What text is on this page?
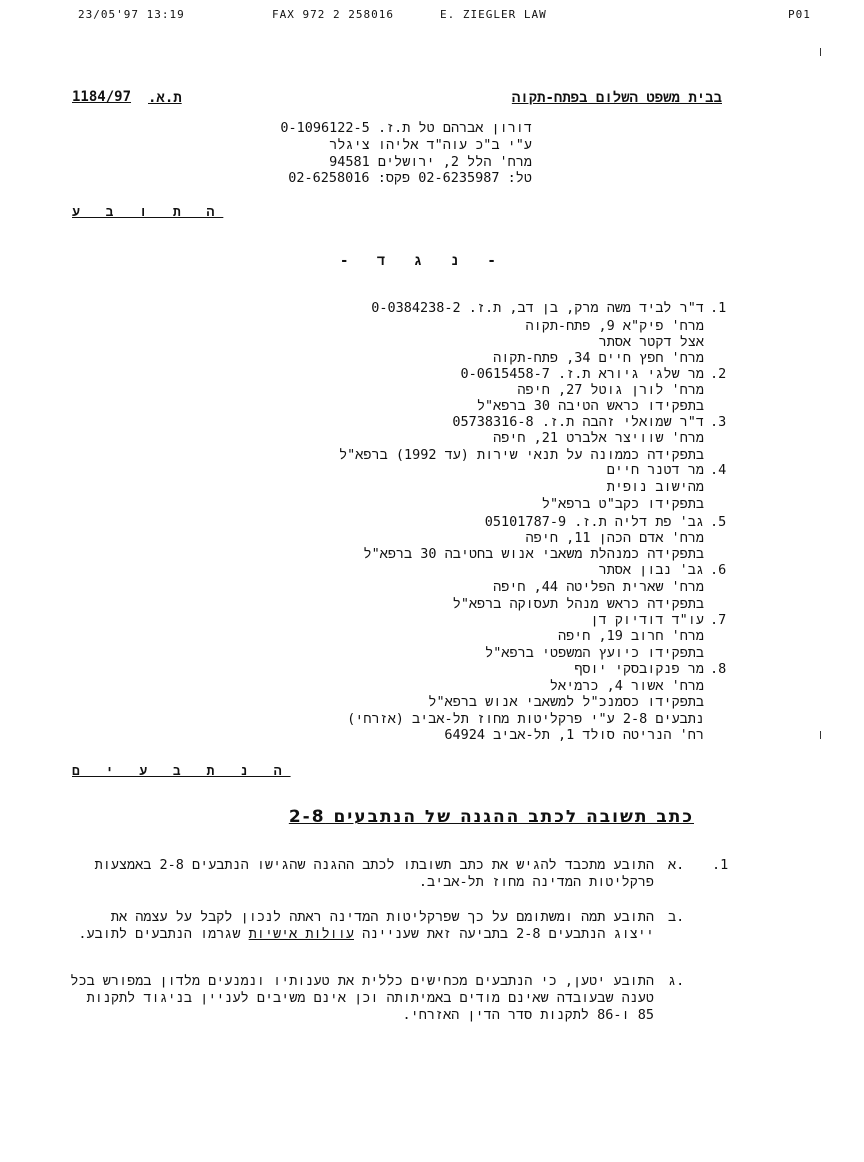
23/05'97 13:19	FAX 972 2 258016	E. ZIEGLER LAW	P01
1184/97 ת.א.	בבית משפט השלום בפתח-תקוה
דורון אברהם טל ת.ז. 0-1096122-5
ע"י ב"כ עוה"ד אליהו ציגלר
מרח' הלל 2, ירושלים 94581
טל: 02-6235987 פקס: 02-6258016
ה ת ו ב ע
- נ ג ד -
.1
ד"ר לביד משה מרק, בן דב, ת.ז. 0-0384238-2
מרח' פיק"א 9, פתח-תקוה
אצל דקטר אסתר
מרח' חפץ חיים 34, פתח-תקוה
.2
מר שלגי גיורא ת.ז. 0-0615458-7
מרח' לורן גוטל 27, חיפה
בתפקידו כראש הטיבה 30 ברפא"ל
.3
ד"ר שמואלי זהבה ת.ז. 05738316-8
מרח' שוויצר אלברט 21, חיפה
בתפקידה כממונה על תנאי שירות (עד 1992) ברפא"ל
.4
מר דטנר חיים
מהישוב נופית
בתפקידו כקב"ט ברפא"ל
.5
גב' פת דליה ת.ז. 05101787-9
מרח' אדם הכהן 11, חיפה
בתפקידה כמנהלת משאבי אנוש בחטיבה 30 ברפא"ל
.6
גב' נבון אסתר
מרח' שארית הפליטה 44, חיפה
בתפקידה כראש מנהל תעסוקה ברפא"ל
.7
עו"ד דודיוק דן
מרח' חרוב 19, חיפה
בתפקידו כיועץ המשפטי ברפא"ל
.8
מר פנקובסקי יוסף
מרח' אשור 4, כרמיאל
בתפקידו כסמנכ"ל למשאבי אנוש ברפא"ל
נתבעים 2-8 ע"י פרקליטות מחוז תל-אביב (אזרחי)
רח' הנריטה סולד 1, תל-אביב 64924
ה נ ת ב ע י ם
כתב תשובה לכתב ההגנה של הנתבעים 2-8
.1
א.
התובע מתכבד להגיש את כתב תשובתו לכתב ההגנה שהגישו הנתבעים 2-8 באמצעות פרקליטות המדינה מחוז תל-אביב.
ב.
התובע תמה ומשתומם על כך שפרקליטות המדינה ראתה לנכון לקבל על עצמה את ייצוג הנתבעים 2-8 בתביעה זאת שעניינה עוולות אישיות שגרמו הנתבעים לתובע.
ג.
התובע יטען, כי הנתבעים מכחישים כללית את טענותיו ונמנעים מלדון במפורש בכל טענה שבעובדה שאינם מודים באמיתותה וכן אינם משיבים לעניין בניגוד לתקנות 85 ו-86 לתקנות סדר הדין האזרחי.
